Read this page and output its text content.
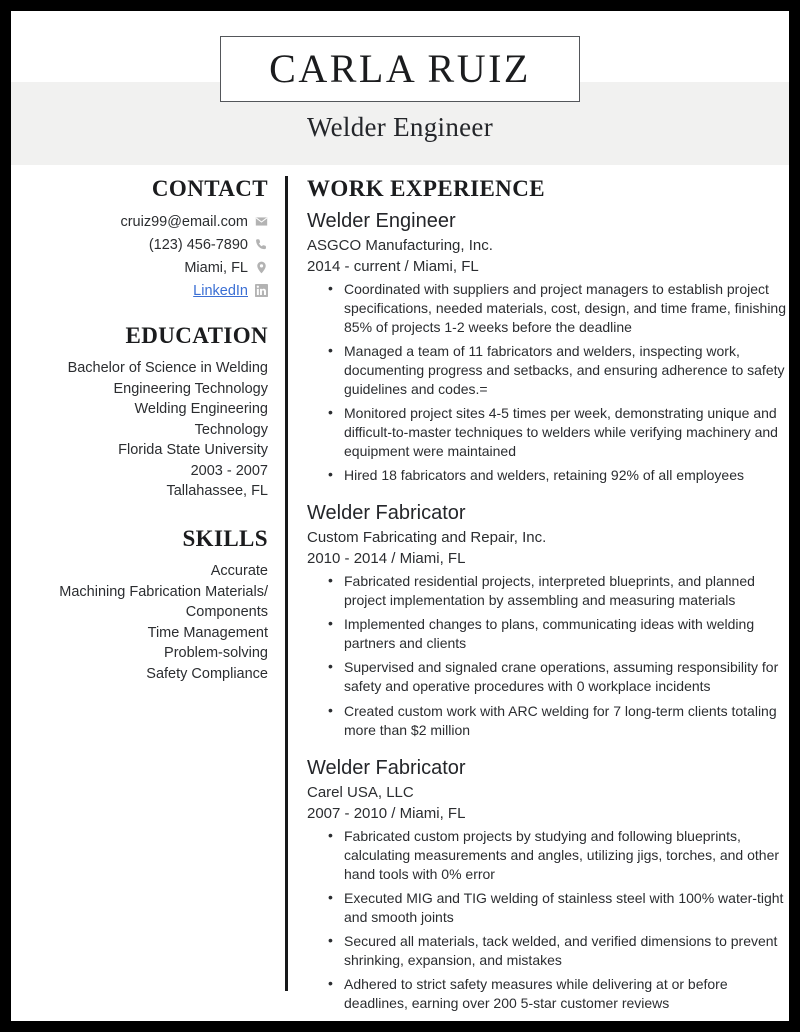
CARLA RUIZ
Welder Engineer
CONTACT
cruiz99@email.com
(123) 456-7890
Miami, FL
LinkedIn
EDUCATION
Bachelor of Science in Welding
Engineering Technology
Welding Engineering
Technology
Florida State University
2003 - 2007
Tallahassee, FL
SKILLS
Accurate
Machining Fabrication Materials/
Components
Time Management
Problem-solving
Safety Compliance
WORK EXPERIENCE
Welder Engineer
ASGCO Manufacturing, Inc.
2014 - current / Miami, FL
• Coordinated with suppliers and project managers to establish project specifications, needed materials, cost, design, and time frame, finishing 85% of projects 1-2 weeks before the deadline
• Managed a team of 11 fabricators and welders, inspecting work, documenting progress and setbacks, and ensuring adherence to safety guidelines and codes.=
• Monitored project sites 4-5 times per week, demonstrating unique and difficult-to-master techniques to welders while verifying machinery and equipment were maintained
• Hired 18 fabricators and welders, retaining 92% of all employees
Welder Fabricator
Custom Fabricating and Repair, Inc.
2010 - 2014 / Miami, FL
• Fabricated residential projects, interpreted blueprints, and planned project implementation by assembling and measuring materials
• Implemented changes to plans, communicating ideas with welding partners and clients
• Supervised and signaled crane operations, assuming responsibility for safety and operative procedures with 0 workplace incidents
• Created custom work with ARC welding for 7 long-term clients totaling more than $2 million
Welder Fabricator
Carel USA, LLC
2007 - 2010 / Miami, FL
• Fabricated custom projects by studying and following blueprints, calculating measurements and angles, utilizing jigs, torches, and other hand tools with 0% error
• Executed MIG and TIG welding of stainless steel with 100% water-tight and smooth joints
• Secured all materials, tack welded, and verified dimensions to prevent shrinking, expansion, and mistakes
• Adhered to strict safety measures while delivering at or before deadlines, earning over 200 5-star customer reviews
